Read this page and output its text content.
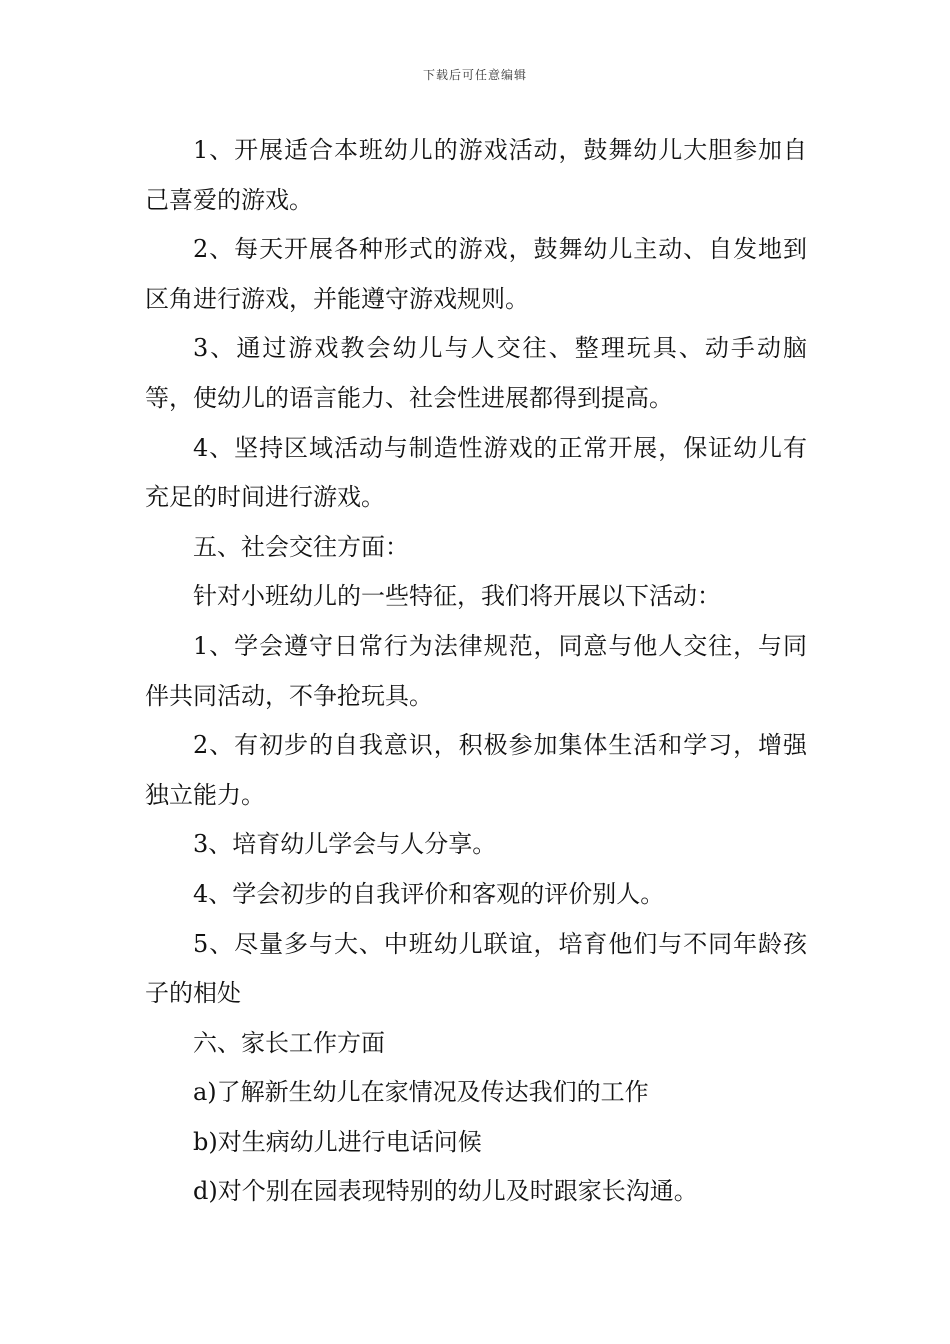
下载后可任意编辑

1、开展适合本班幼儿的游戏活动，鼓舞幼儿大胆参加自己喜爱的游戏。

2、每天开展各种形式的游戏，鼓舞幼儿主动、自发地到区角进行游戏，并能遵守游戏规则。

3、通过游戏教会幼儿与人交往、整理玩具、动手动脑等，使幼儿的语言能力、社会性进展都得到提高。

4、坚持区域活动与制造性游戏的正常开展，保证幼儿有充足的时间进行游戏。

五、社会交往方面：

针对小班幼儿的一些特征，我们将开展以下活动：

1、学会遵守日常行为法律规范，同意与他人交往，与同伴共同活动，不争抢玩具。

2、有初步的自我意识，积极参加集体生活和学习，增强独立能力。

3、培育幼儿学会与人分享。

4、学会初步的自我评价和客观的评价别人。

5、尽量多与大、中班幼儿联谊，培育他们与不同年龄孩子的相处

六、家长工作方面

a)了解新生幼儿在家情况及传达我们的工作

b)对生病幼儿进行电话问候

d)对个别在园表现特别的幼儿及时跟家长沟通。
